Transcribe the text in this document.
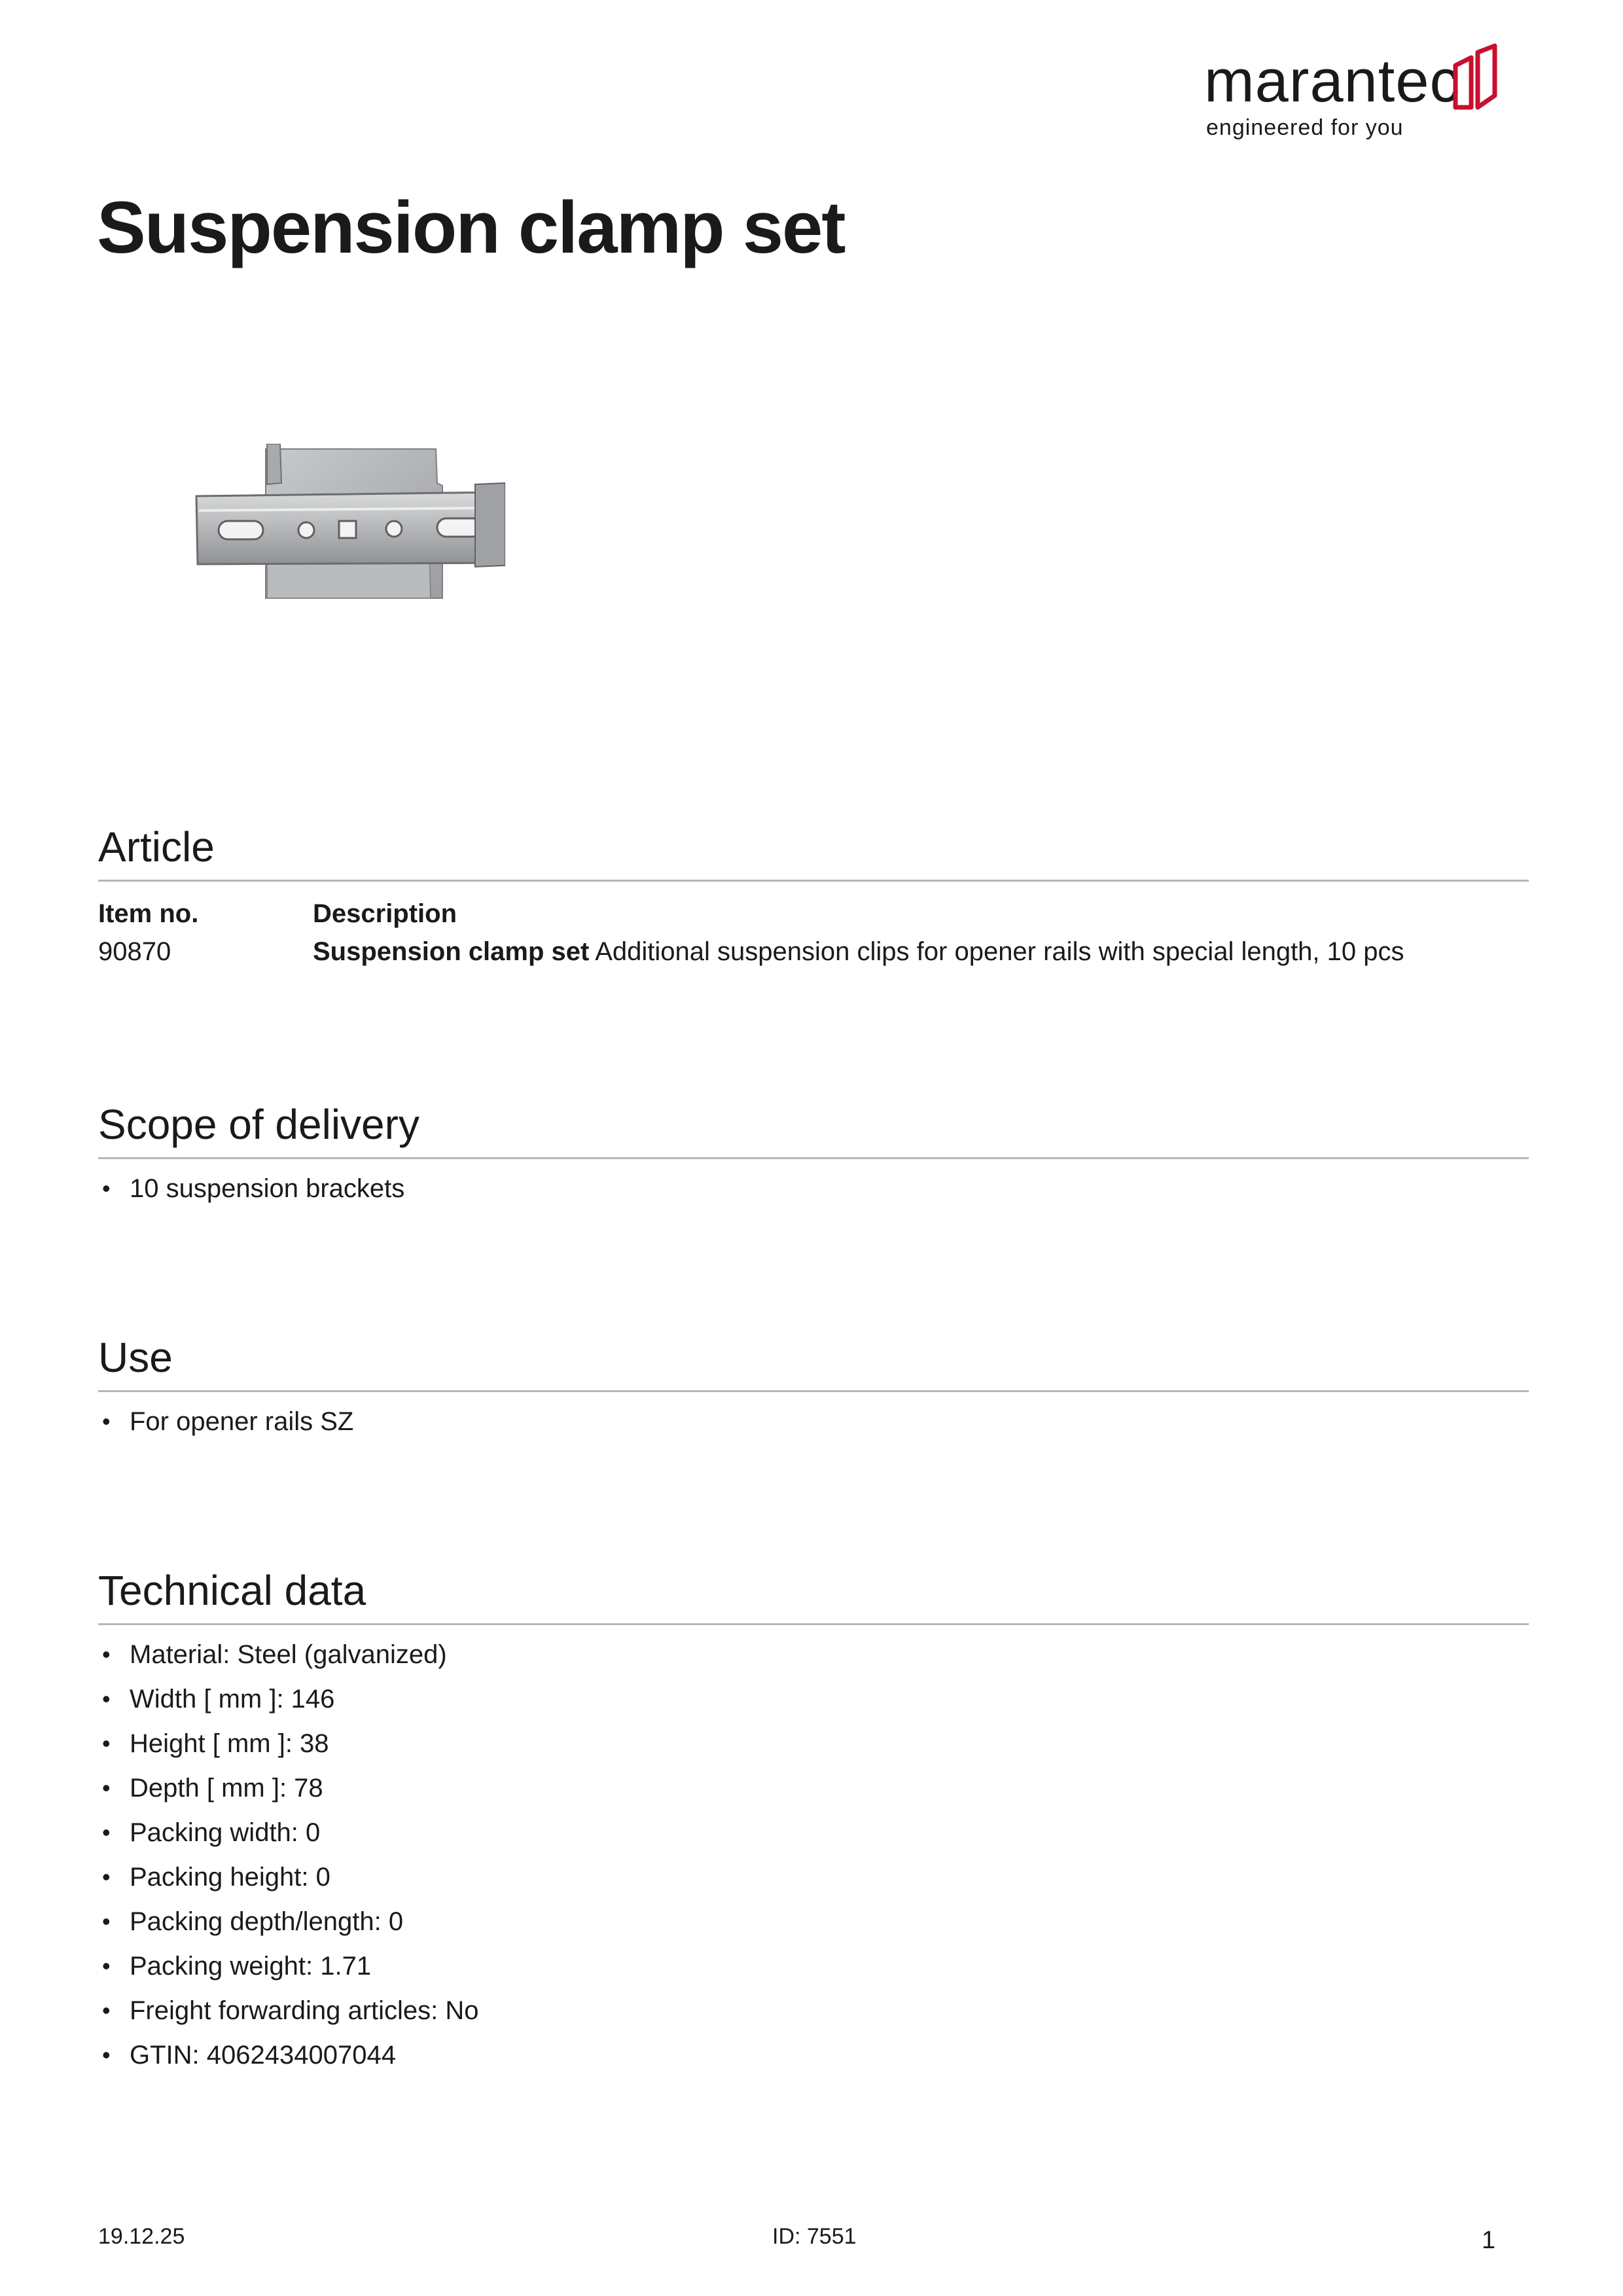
marantec
engineered for you
Suspension clamp set
Article
Item no.	Description
90870	Suspension clamp set Additional suspension clips for opener rails with special length, 10 pcs
Scope of delivery
• 10 suspension brackets
Use
• For opener rails SZ
Technical data
• Material: Steel (galvanized)
• Width [ mm ]: 146
• Height [ mm ]: 38
• Depth [ mm ]: 78
• Packing width: 0
• Packing height: 0
• Packing depth/length: 0
• Packing weight: 1.71
• Freight forwarding articles: No
• GTIN: 4062434007044
19.12.25	ID: 7551	1
